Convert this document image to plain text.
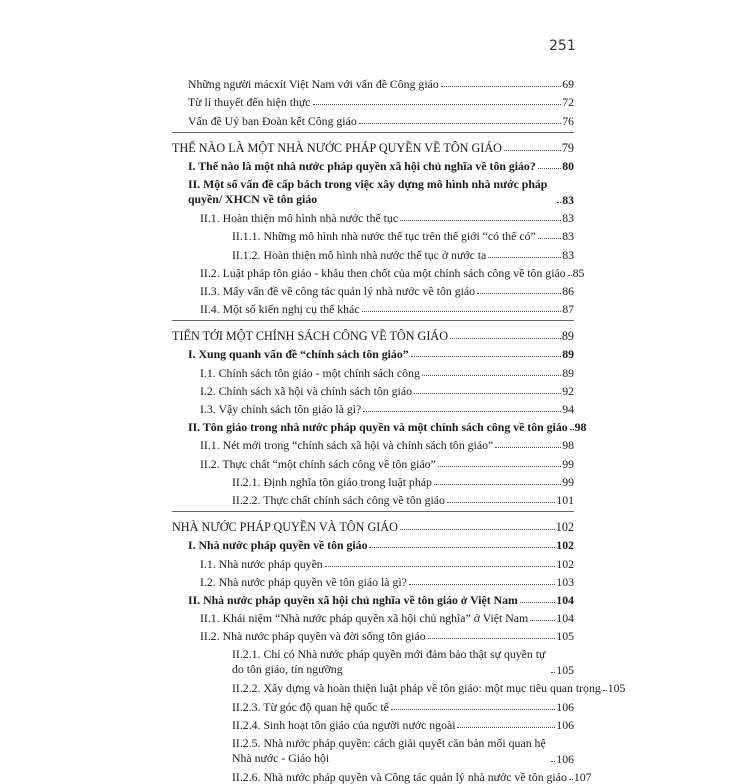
251
Những người mácxít Việt Nam với vấn đề Công giáo	69
Từ lí thuyết đến hiện thực	72
Vấn đề Uỷ ban Đoàn kết Công giáo	76
THẾ NÀO LÀ MỘT NHÀ NƯỚC PHÁP QUYỀN VỀ TÔN GIÁO	79
I. Thế nào là một nhà nước pháp quyền xã hội chủ nghĩa về tôn giáo? 80
II. Một số vấn đề cấp bách trong việc xây dựng mô hình nhà nước pháp quyền/ XHCN về tôn giáo	83
II.1. Hoàn thiện mô hình nhà nước thế tục	83
II.1.1. Những mô hình nhà nước thế tục trên thế giới “có thể có” 83
II.1.2. Hoàn thiện mô hình nhà nước thế tục ở nước ta	83
II.2. Luật pháp tôn giáo - khâu then chốt của một chính sách công về tôn giáo 85
II.3. Mấy vấn đề về công tác quản lý nhà nước về tôn giáo	86
II.4. Một số kiến nghị cụ thể khác	87
TIẾN TỚI MỘT CHÍNH SÁCH CÔNG VỀ TÔN GIÁO	89
I. Xung quanh vấn đề “chính sách tôn giáo”	89
I.1. Chính sách tôn giáo - một chính sách công	89
I.2. Chính sách xã hội và chính sách tôn giáo	92
I.3. Vậy chính sách tôn giáo là gì?	94
II. Tôn giáo trong nhà nước pháp quyền và một chính sách công về tôn giáo 98
II.1. Nét mới trong “chính sách xã hội và chính sách tôn giáo”	98
II.2. Thực chất “một chính sách công về tôn giáo”	99
II.2.1. Định nghĩa tôn giáo trong luật pháp	99
II.2.2. Thực chất chính sách công về tôn giáo	101
NHÀ NƯỚC PHÁP QUYỀN VÀ TÔN GIÁO	102
I. Nhà nước pháp quyền về tôn giáo	102
I.1. Nhà nước pháp quyền	102
I.2. Nhà nước pháp quyền về tôn giáo là gì?	103
II. Nhà nước pháp quyền xã hội chủ nghĩa về tôn giáo ở Việt Nam	104
II.1. Khái niệm “Nhà nước pháp quyền xã hội chủ nghĩa” ở Việt Nam 104
II.2. Nhà nước pháp quyền và đời sống tôn giáo	105
II.2.1. Chỉ có Nhà nước pháp quyền mới đảm bảo thật sự quyền tự do tôn giáo, tín ngưỡng	105
II.2.2. Xây dựng và hoàn thiện luật pháp về tôn giáo: một mục tiêu quan trọng 105
II.2.3. Từ góc độ quan hệ quốc tế	106
II.2.4. Sinh hoạt tôn giáo của người nước ngoài	106
II.2.5. Nhà nước pháp quyền: cách giải quyết căn bản mối quan hệ Nhà nước - Giáo hội	106
II.2.6. Nhà nước pháp quyền và Công tác quản lý nhà nước về tôn giáo 107
